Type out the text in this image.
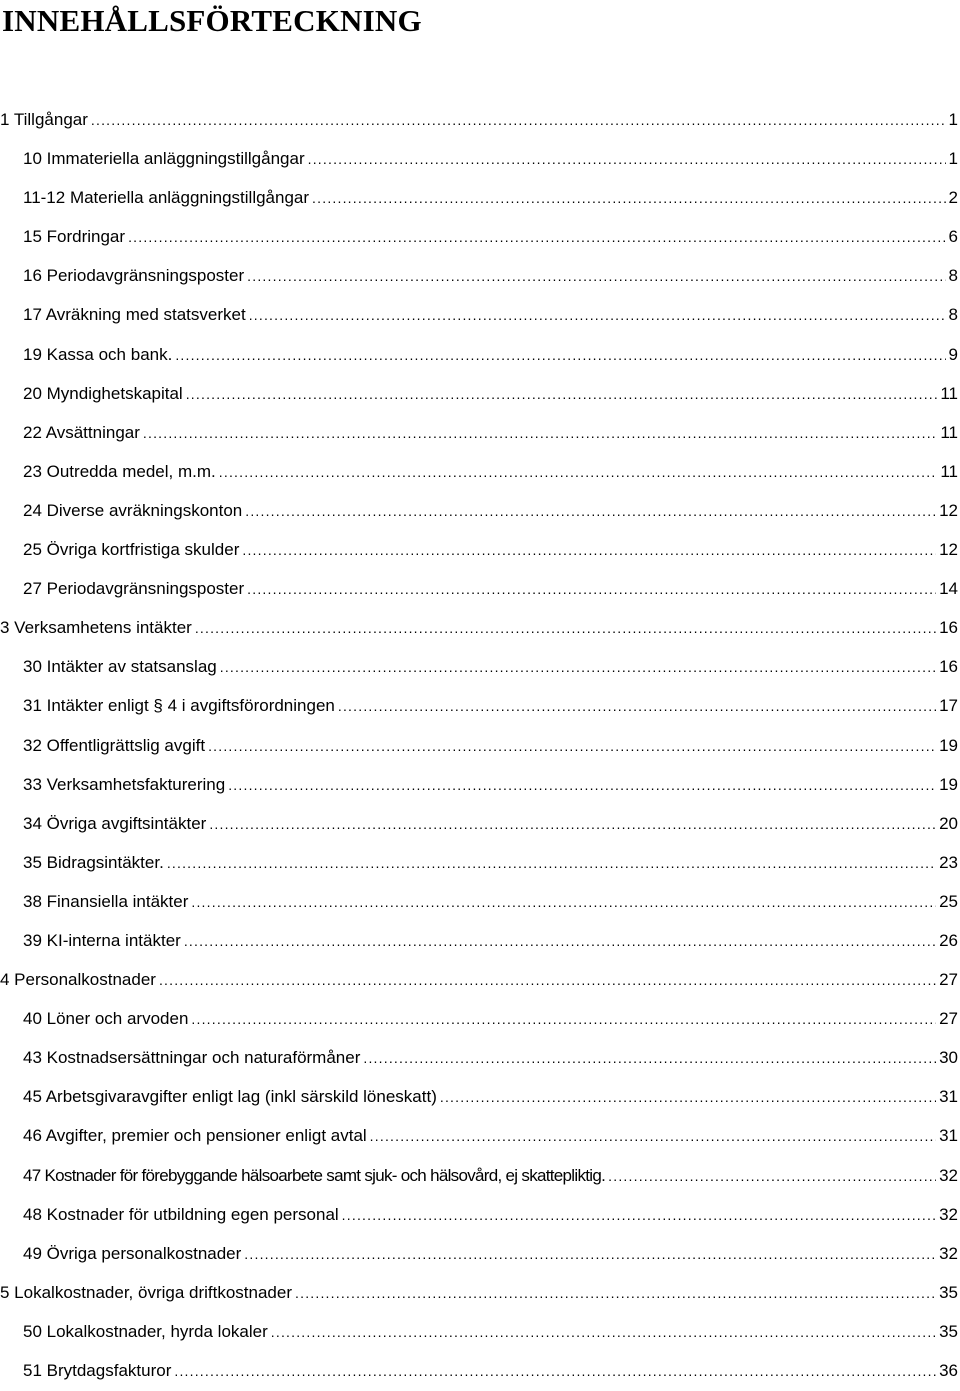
INNEHÅLLSFÖRTECKNING
1 Tillgångar .....	1
10 Immateriella anläggningstillgångar .....	1
11-12 Materiella anläggningstillgångar .....	2
15 Fordringar .....	6
16 Periodavgränsningsposter .....	8
17 Avräkning med statsverket .....	8
19 Kassa och bank. .....	9
20 Myndighetskapital .....	11
22 Avsättningar .....	11
23 Outredda medel, m.m. .....	11
24 Diverse avräkningskonton .....	12
25 Övriga kortfristiga skulder .....	12
27 Periodavgränsningsposter .....	14
3 Verksamhetens intäkter .....	16
30 Intäkter av statsanslag .....	16
31 Intäkter enligt § 4 i avgiftsförordningen .....	17
32 Offentligrättslig avgift .....	19
33 Verksamhetsfakturering .....	19
34 Övriga avgiftsintäkter .....	20
35 Bidragsintäkter. .....	23
38 Finansiella intäkter .....	25
39 KI-interna intäkter .....	26
4 Personalkostnader .....	27
40 Löner och arvoden .....	27
43 Kostnadsersättningar och naturaförmåner .....	30
45 Arbetsgivaravgifter enligt lag (inkl särskild löneskatt) .....	31
46 Avgifter, premier och pensioner enligt avtal .....	31
47 Kostnader för förebyggande hälsoarbete samt sjuk- och hälsovård, ej skattepliktig. .....	32
48 Kostnader för utbildning egen personal .....	32
49 Övriga personalkostnader .....	32
5 Lokalkostnader, övriga driftkostnader .....	35
50 Lokalkostnader, hyrda lokaler .....	35
51 Brytdagsfakturor .....	36
